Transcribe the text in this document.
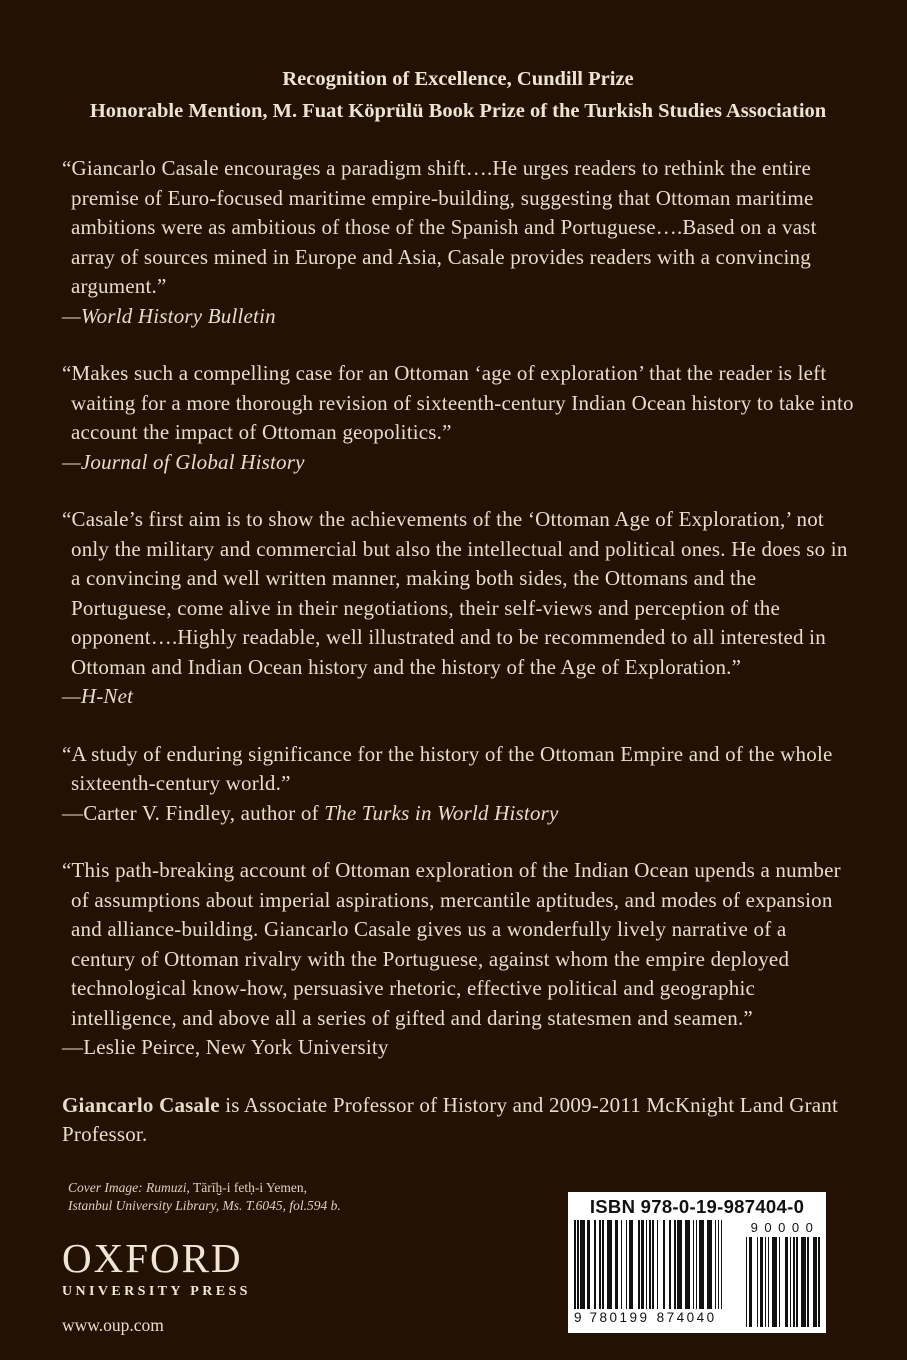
Recognition of Excellence, Cundill Prize
Honorable Mention, M. Fuat Köprülü Book Prize of the Turkish Studies Association
“Giancarlo Casale encourages a paradigm shift….He urges readers to rethink the entire premise of Euro-focused maritime empire-building, suggesting that Ottoman maritime ambitions were as ambitious of those of the Spanish and Portuguese….Based on a vast array of sources mined in Europe and Asia, Casale provides readers with a convincing argument.”
—World History Bulletin
“Makes such a compelling case for an Ottoman ‘age of exploration’ that the reader is left waiting for a more thorough revision of sixteenth-century Indian Ocean history to take into account the impact of Ottoman geopolitics.”
—Journal of Global History
“Casale’s first aim is to show the achievements of the ‘Ottoman Age of Exploration,’ not only the military and commercial but also the intellectual and political ones. He does so in a convincing and well written manner, making both sides, the Ottomans and the Portuguese, come alive in their negotiations, their self-views and perception of the opponent….Highly readable, well illustrated and to be recommended to all interested in Ottoman and Indian Ocean history and the history of the Age of Exploration.”
—H-Net
“A study of enduring significance for the history of the Ottoman Empire and of the whole sixteenth-century world.”
—Carter V. Findley, author of The Turks in World History
“This path-breaking account of Ottoman exploration of the Indian Ocean upends a number of assumptions about imperial aspirations, mercantile aptitudes, and modes of expansion and alliance-building. Giancarlo Casale gives us a wonderfully lively narrative of a century of Ottoman rivalry with the Portuguese, against whom the empire deployed technological know-how, persuasive rhetoric, effective political and geographic intelligence, and above all a series of gifted and daring statesmen and seamen.”
—Leslie Peirce, New York University
Giancarlo Casale is Associate Professor of History and 2009-2011 McKnight Land Grant Professor.
Cover Image: Rumuzi, Tārīḫ-i fetḥ-i Yemen,
Istanbul University Library, Ms. T.6045, fol.594 b.
OXFORD
UNIVERSITY PRESS
www.oup.com
ISBN 978-0-19-987404-0
9 780199 874040
90000
